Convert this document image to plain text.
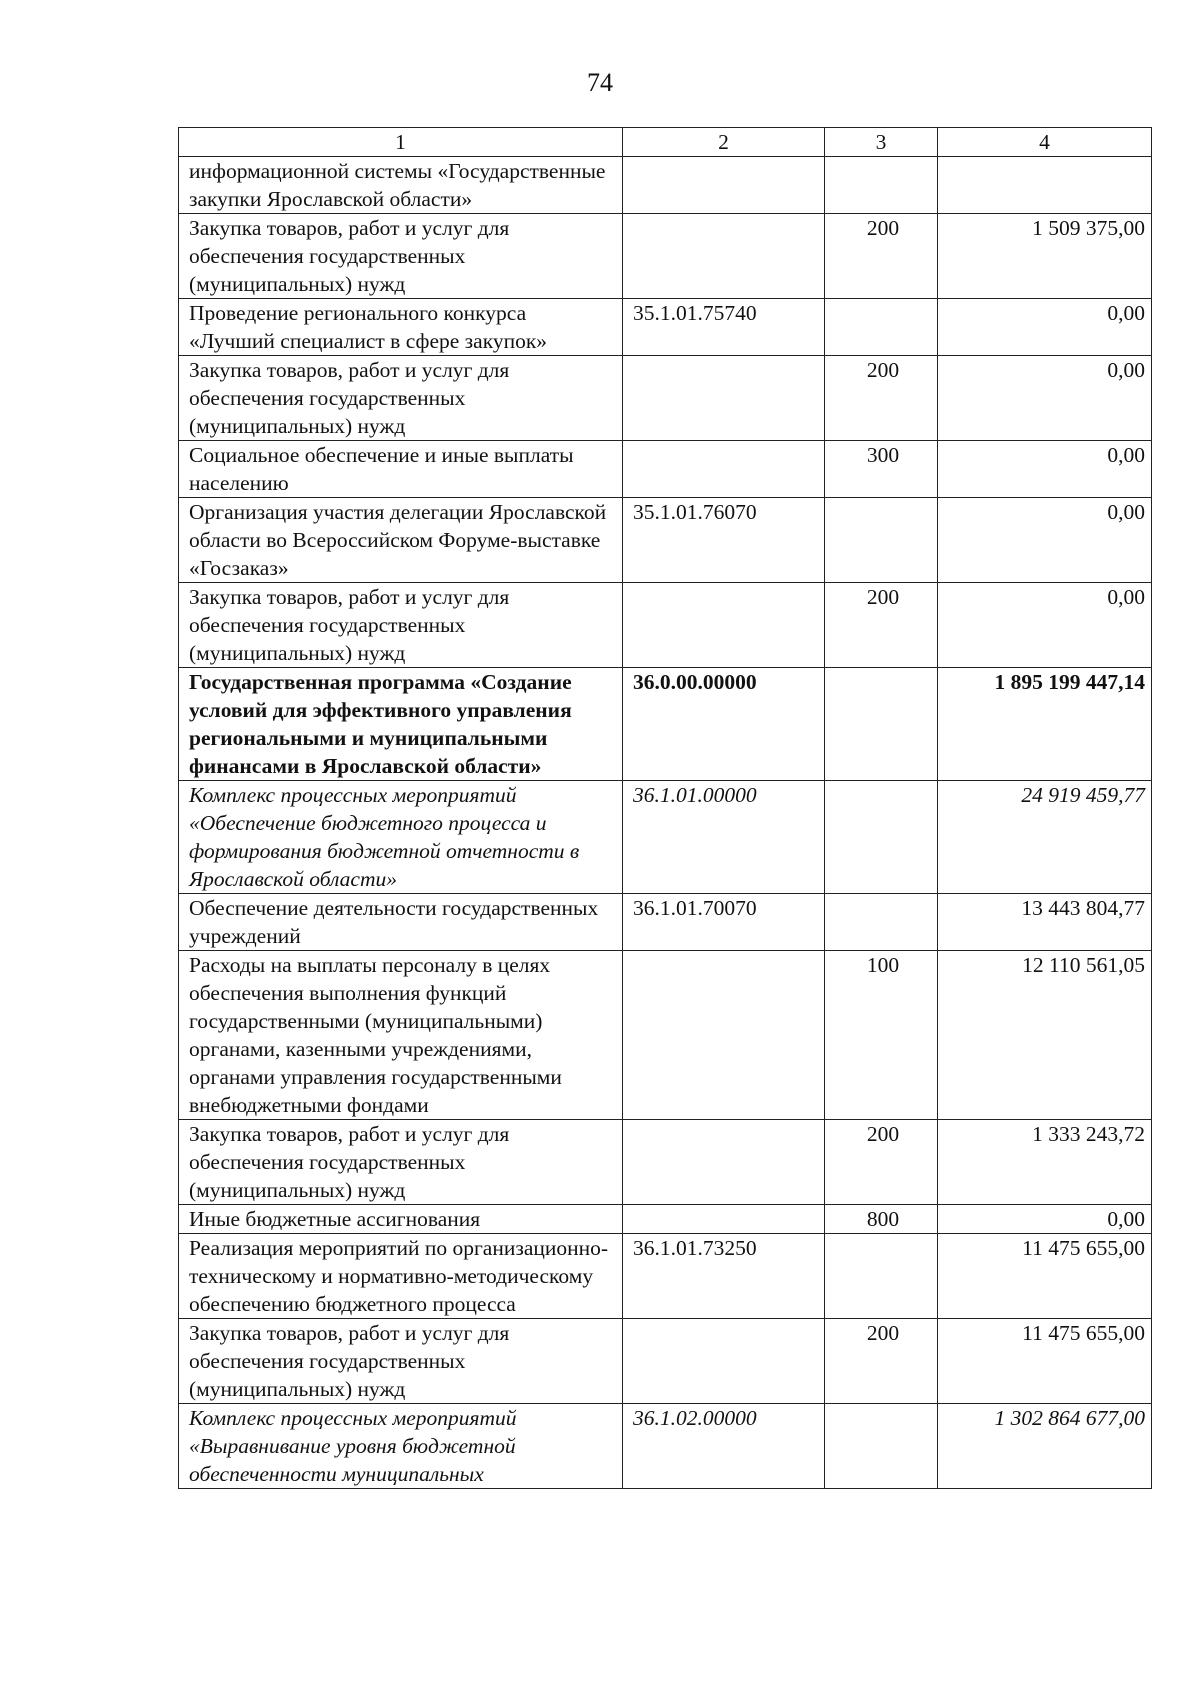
74
1	2	3	4
информационной системы «Государственные закупки Ярославской области»			
Закупка товаров, работ и услуг для обеспечения государственных (муниципальных) нужд		200	1 509 375,00
Проведение регионального конкурса «Лучший специалист в сфере закупок»	35.1.01.75740		0,00
Закупка товаров, работ и услуг для обеспечения государственных (муниципальных) нужд		200	0,00
Социальное обеспечение и иные выплаты населению		300	0,00
Организация участия делегации Ярославской области во Всероссийском Форуме-выставке «Госзаказ»	35.1.01.76070		0,00
Закупка товаров, работ и услуг для обеспечения государственных (муниципальных) нужд		200	0,00
Государственная программа «Создание условий для эффективного управления региональными и муниципальными финансами в Ярославской области»	36.0.00.00000		1 895 199 447,14
Комплекс процессных мероприятий «Обеспечение бюджетного процесса и формирования бюджетной отчетности в Ярославской области»	36.1.01.00000		24 919 459,77
Обеспечение деятельности государственных учреждений	36.1.01.70070		13 443 804,77
Расходы на выплаты персоналу в целях обеспечения выполнения функций государственными (муниципальными) органами, казенными учреждениями, органами управления государственными внебюджетными фондами		100	12 110 561,05
Закупка товаров, работ и услуг для обеспечения государственных (муниципальных) нужд		200	1 333 243,72
Иные бюджетные ассигнования		800	0,00
Реализация мероприятий по организационно-техническому и нормативно-методическому обеспечению бюджетного процесса	36.1.01.73250		11 475 655,00
Закупка товаров, работ и услуг для обеспечения государственных (муниципальных) нужд		200	11 475 655,00
Комплекс процессных мероприятий «Выравнивание уровня бюджетной обеспеченности муниципальных	36.1.02.00000		1 302 864 677,00
